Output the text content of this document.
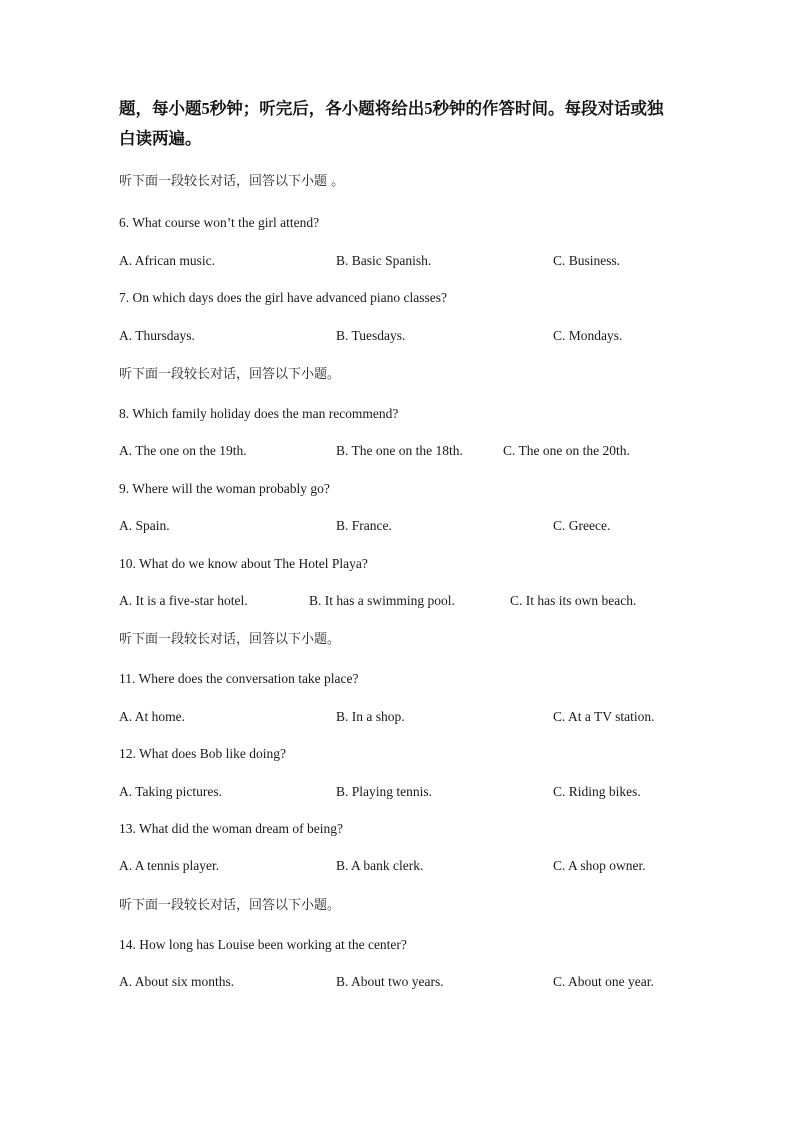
题，每小题5秒钟；听完后，各小题将给出5秒钟的作答时间。每段对话或独白读两遍。
听下面一段较长对话，回答以下小题 。
6. What course won’t the girl attend?
A. African music.	B. Basic Spanish.	C. Business.
7. On which days does the girl have advanced piano classes?
A. Thursdays.	B. Tuesdays.	C. Mondays.
听下面一段较长对话，回答以下小题。
8. Which family holiday does the man recommend?
A. The one on the 19th.	B. The one on the 18th.	C. The one on the 20th.
9. Where will the woman probably go?
A. Spain.	B. France.	C. Greece.
10. What do we know about The Hotel Playa?
A. It is a five-star hotel.	B. It has a swimming pool.	C. It has its own beach.
听下面一段较长对话，回答以下小题。
11. Where does the conversation take place?
A. At home.	B. In a shop.	C. At a TV station.
12. What does Bob like doing?
A. Taking pictures.	B. Playing tennis.	C. Riding bikes.
13. What did the woman dream of being?
A. A tennis player.	B. A bank clerk.	C. A shop owner.
听下面一段较长对话，回答以下小题。
14. How long has Louise been working at the center?
A. About six months.	B. About two years.	C. About one year.
